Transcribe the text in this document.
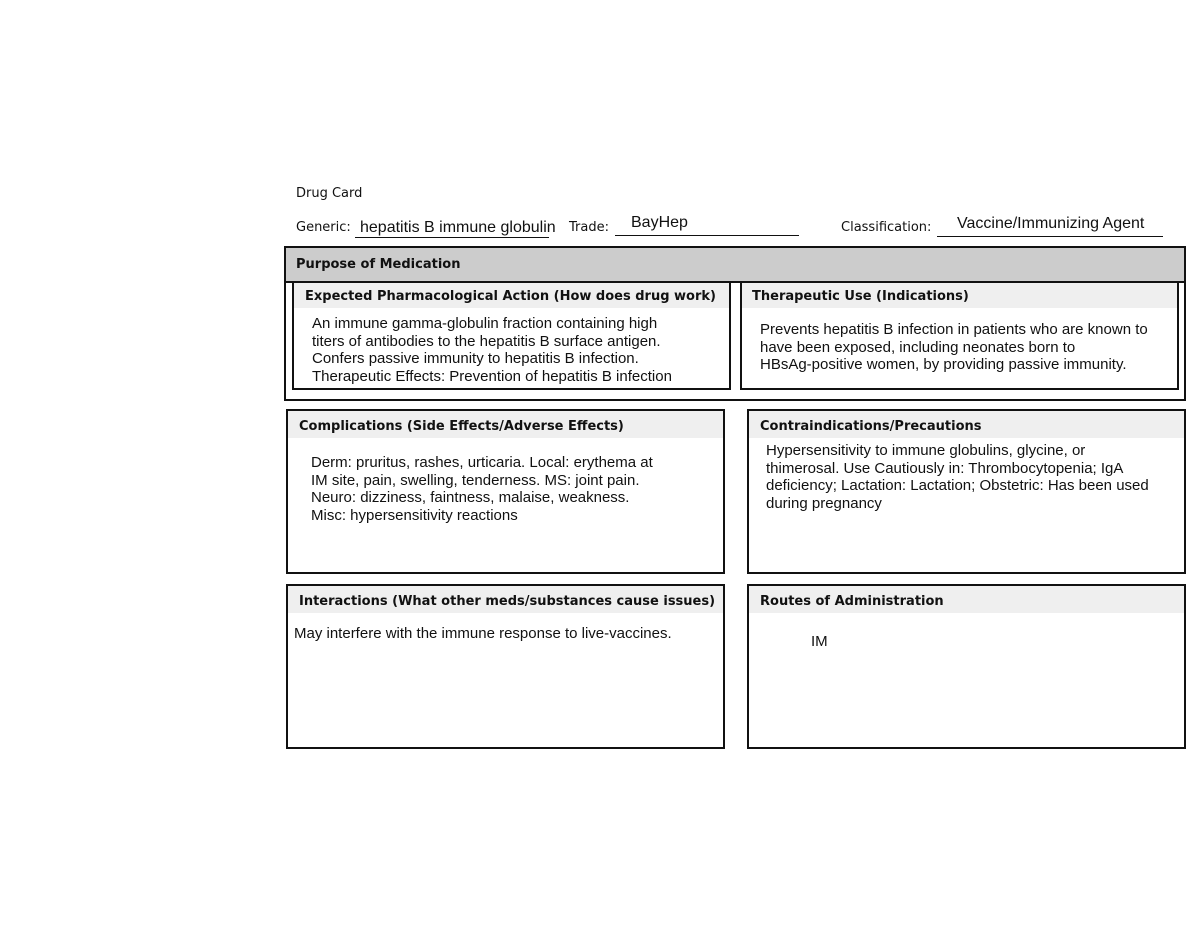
Drug Card
Generic: hepatitis B immune globulin Trade: BayHep	Classification: Vaccine/Immunizing Agent
Purpose of Medication
Expected Pharmacological Action (How does drug work)
An immune gamma-globulin fraction containing high
titers of antibodies to the hepatitis B surface antigen.
Confers passive immunity to hepatitis B infection.
Therapeutic Effects: Prevention of hepatitis B infection
Therapeutic Use (Indications)
Prevents hepatitis B infection in patients who are known to
have been exposed, including neonates born to
HBsAg-positive women, by providing passive immunity.
Complications (Side Effects/Adverse Effects)
Derm: pruritus, rashes, urticaria. Local: erythema at
IM site, pain, swelling, tenderness. MS: joint pain.
Neuro: dizziness, faintness, malaise, weakness.
Misc: hypersensitivity reactions
Contraindications/Precautions
Hypersensitivity to immune globulins, glycine, or
thimerosal. Use Cautiously in: Thrombocytopenia; IgA
deficiency; Lactation: Lactation; Obstetric: Has been used
during pregnancy
Interactions (What other meds/substances cause issues)
May interfere with the immune response to live-vaccines.
Routes of Administration
IM
